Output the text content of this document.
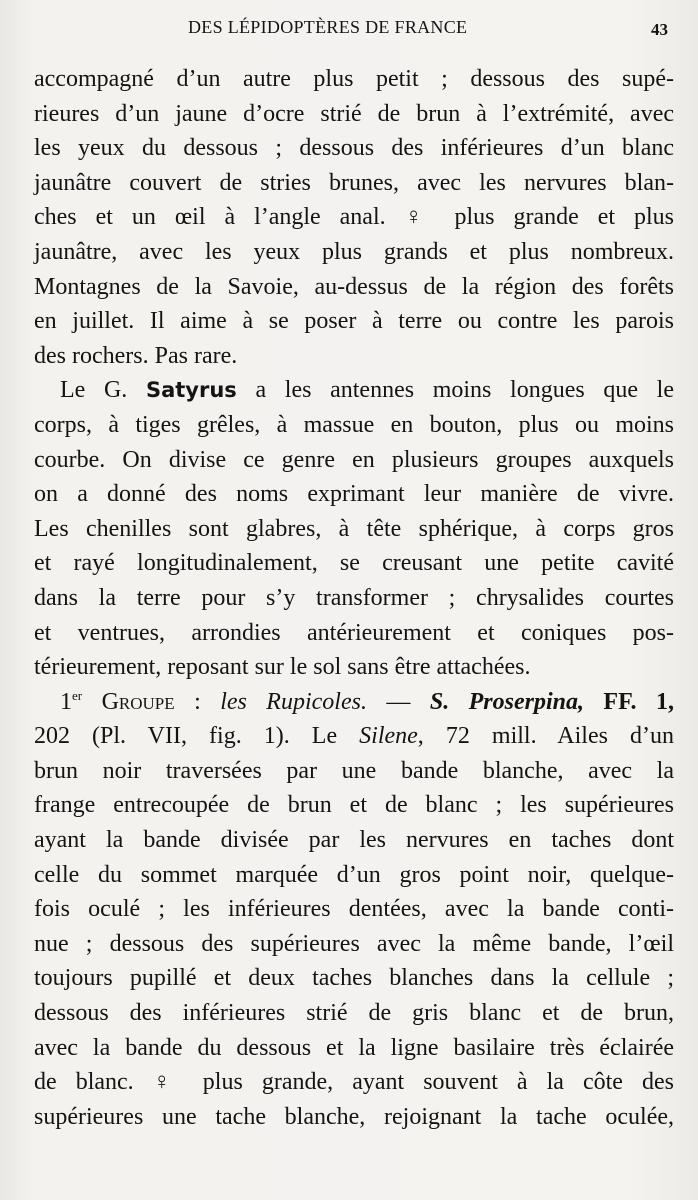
DES LÉPIDOPTÈRES DE FRANCE	43
accompagné d’un autre plus petit ; dessous des supé-
rieures d’un jaune d’ocre strié de brun à l’extrémité, avec
les yeux du dessous ; dessous des inférieures d’un blanc
jaunâtre couvert de stries brunes, avec les nervures blan-
ches et un œil à l’angle anal. ♀ plus grande et plus
jaunâtre, avec les yeux plus grands et plus nombreux.
Montagnes de la Savoie, au-dessus de la région des forêts
en juillet. Il aime à se poser à terre ou contre les parois
des rochers. Pas rare.
Le G. Satyrus a les antennes moins longues que le
corps, à tiges grêles, à massue en bouton, plus ou moins
courbe. On divise ce genre en plusieurs groupes auxquels
on a donné des noms exprimant leur manière de vivre.
Les chenilles sont glabres, à tête sphérique, à corps gros
et rayé longitudinalement, se creusant une petite cavité
dans la terre pour s’y transformer ; chrysalides courtes
et ventrues, arrondies antérieurement et coniques pos-
térieurement, reposant sur le sol sans être attachées.
1er Groupe : les Rupicoles. — S. Proserpina, FF. 1,
202 (Pl. VII, fig. 1). Le Silene, 72 mill. Ailes d’un
brun noir traversées par une bande blanche, avec la
frange entrecoupée de brun et de blanc ; les supérieures
ayant la bande divisée par les nervures en taches dont
celle du sommet marquée d’un gros point noir, quelque-
fois oculé ; les inférieures dentées, avec la bande conti-
nue ; dessous des supérieures avec la même bande, l’œil
toujours pupillé et deux taches blanches dans la cellule ;
dessous des inférieures strié de gris blanc et de brun,
avec la bande du dessous et la ligne basilaire très éclairée
de blanc. ♀ plus grande, ayant souvent à la côte des
supérieures une tache blanche, rejoignant la tache oculée,
